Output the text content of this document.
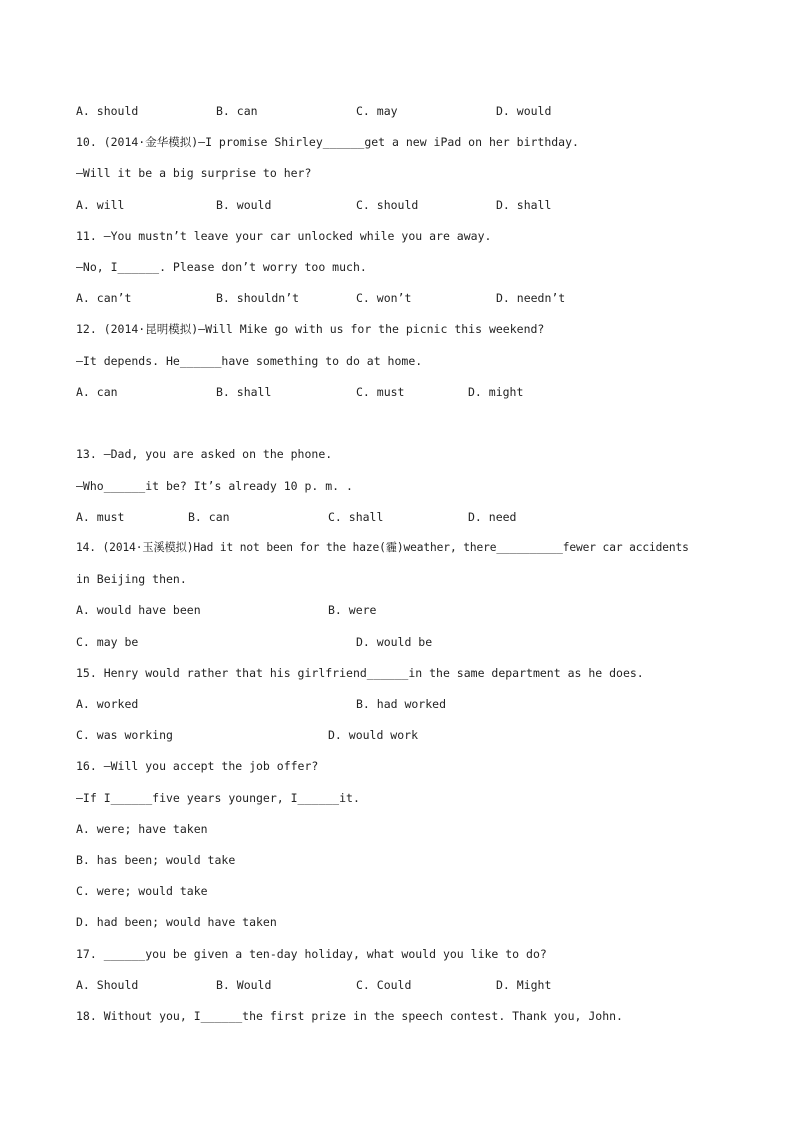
A. should	B. can	C. may	D. would
10. (2014·金华模拟)—I promise Shirley______get a new iPad on her birthday.
—Will it be a big surprise to her?
A. will	B. would	C. should	D. shall
11. —You mustn’t leave your car unlocked while you are away.
—No, I______. Please don’t worry too much.
A. can’t	B. shouldn’t	C. won’t	D. needn’t
12. (2014·昆明模拟)—Will Mike go with us for the picnic this weekend?
—It depends. He______have something to do at home.
A. can	B. shall	C. must	D. might
13. —Dad, you are asked on the phone.
—Who______it be? It’s already 10 p. m. .
A. must	B. can	C. shall	D. need
14. (2014·玉溪模拟)Had it not been for the haze(霾)weather, there__________fewer car accidents
in Beijing then.
A. would have been	B. were
C. may be	D. would be
15. Henry would rather that his girlfriend______in the same department as he does.
A. worked	B. had worked
C. was working	D. would work
16. —Will you accept the job offer?
—If I______five years younger, I______it.
A. were; have taken
B. has been; would take
C. were; would take
D. had been; would have taken
17. ______you be given a ten-day holiday, what would you like to do?
A. Should	B. Would	C. Could	D. Might
18. Without you, I______the first prize in the speech contest. Thank you, John.
